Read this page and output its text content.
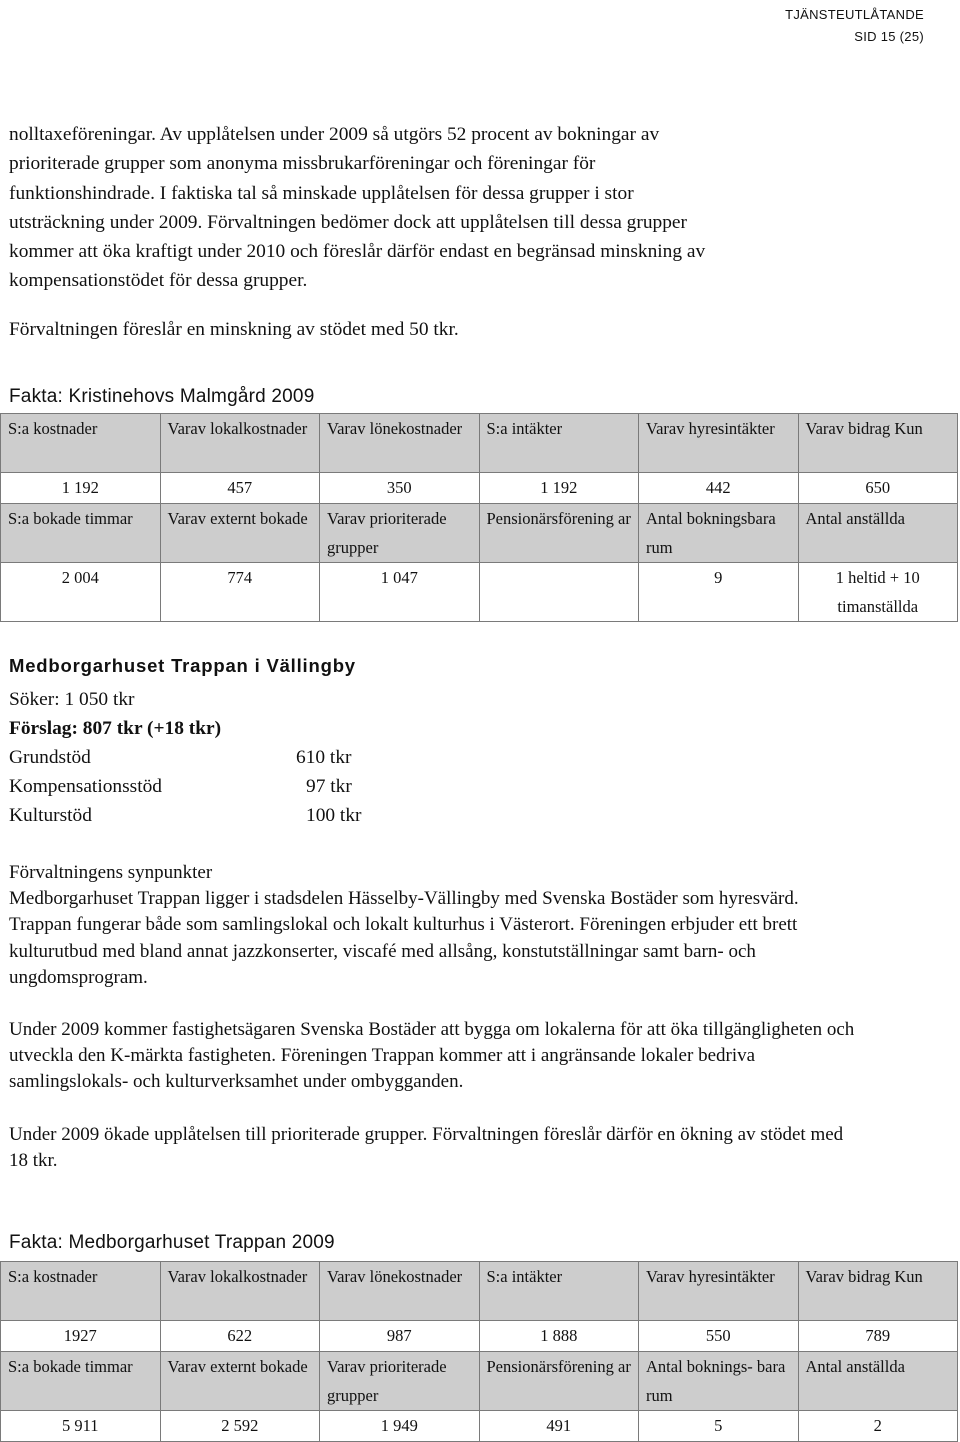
TJÄNSTEUTLÅTANDE
SID 15 (25)

nolltaxeföreningar. Av upplåtelsen under 2009 så utgörs 52 procent av bokningar av

prioriterade grupper som anonyma missbrukarföreningar och föreningar för

funktionshindrade. I faktiska tal så minskade upplåtelsen för dessa grupper i stor

utsträckning under 2009. Förvaltningen bedömer dock att upplåtelsen till dessa grupper

kommer att öka kraftigt under 2010 och föreslår därför endast en begränsad minskning av

kompensationstödet för dessa grupper.

Förvaltningen föreslår en minskning av stödet med 50 tkr.

Fakta: Kristinehovs Malmgård 2009
S:a kostnader	Varav lokalkostnader	Varav lönekostnader	S:a intäkter	Varav hyresintäkter	Varav bidrag Kun
1 192	457	350	1 192	442	650
S:a bokade timmar	Varav externt bokade	Varav prioriterade grupper	Pensionärsförening ar	Antal bokningsbara rum	Antal anställda
2 004	774	1 047		9	1 heltid + 10 timanställda
Medborgarhuset Trappan i Vällingby
Söker: 1 050 tkr
Förslag: 807 tkr (+18 tkr)
Grundstöd	610 tkr
Kompensationsstöd	97 tkr
Kulturstöd	100 tkr

Förvaltningens synpunkter

Medborgarhuset Trappan ligger i stadsdelen Hässelby-Vällingby med Svenska Bostäder som hyresvärd. Trappan fungerar både som samlingslokal och lokalt kulturhus i Västerort. Föreningen erbjuder ett brett kulturutbud med bland annat jazzkonserter, viscafé med allsång, konstutställningar samt barn- och ungdomsprogram.

Under 2009 kommer fastighetsägaren Svenska Bostäder att bygga om lokalerna för att öka tillgängligheten och utveckla den K-märkta fastigheten. Föreningen Trappan kommer att i angränsande lokaler bedriva samlingslokals- och kulturverksamhet under ombygganden.

Under 2009 ökade upplåtelsen till prioriterade grupper. Förvaltningen föreslår därför en ökning av stödet med 18 tkr.

Fakta: Medborgarhuset Trappan 2009
S:a kostnader	Varav lokalkostnader	Varav lönekostnader	S:a intäkter	Varav hyresintäkter	Varav bidrag Kun
1927	622	987	1 888	550	789
S:a bokade timmar	Varav externt bokade	Varav prioriterade grupper	Pensionärsförening ar	Antal boknings- bara rum	Antal anställda
5 911	2 592	1 949	491	5	2
